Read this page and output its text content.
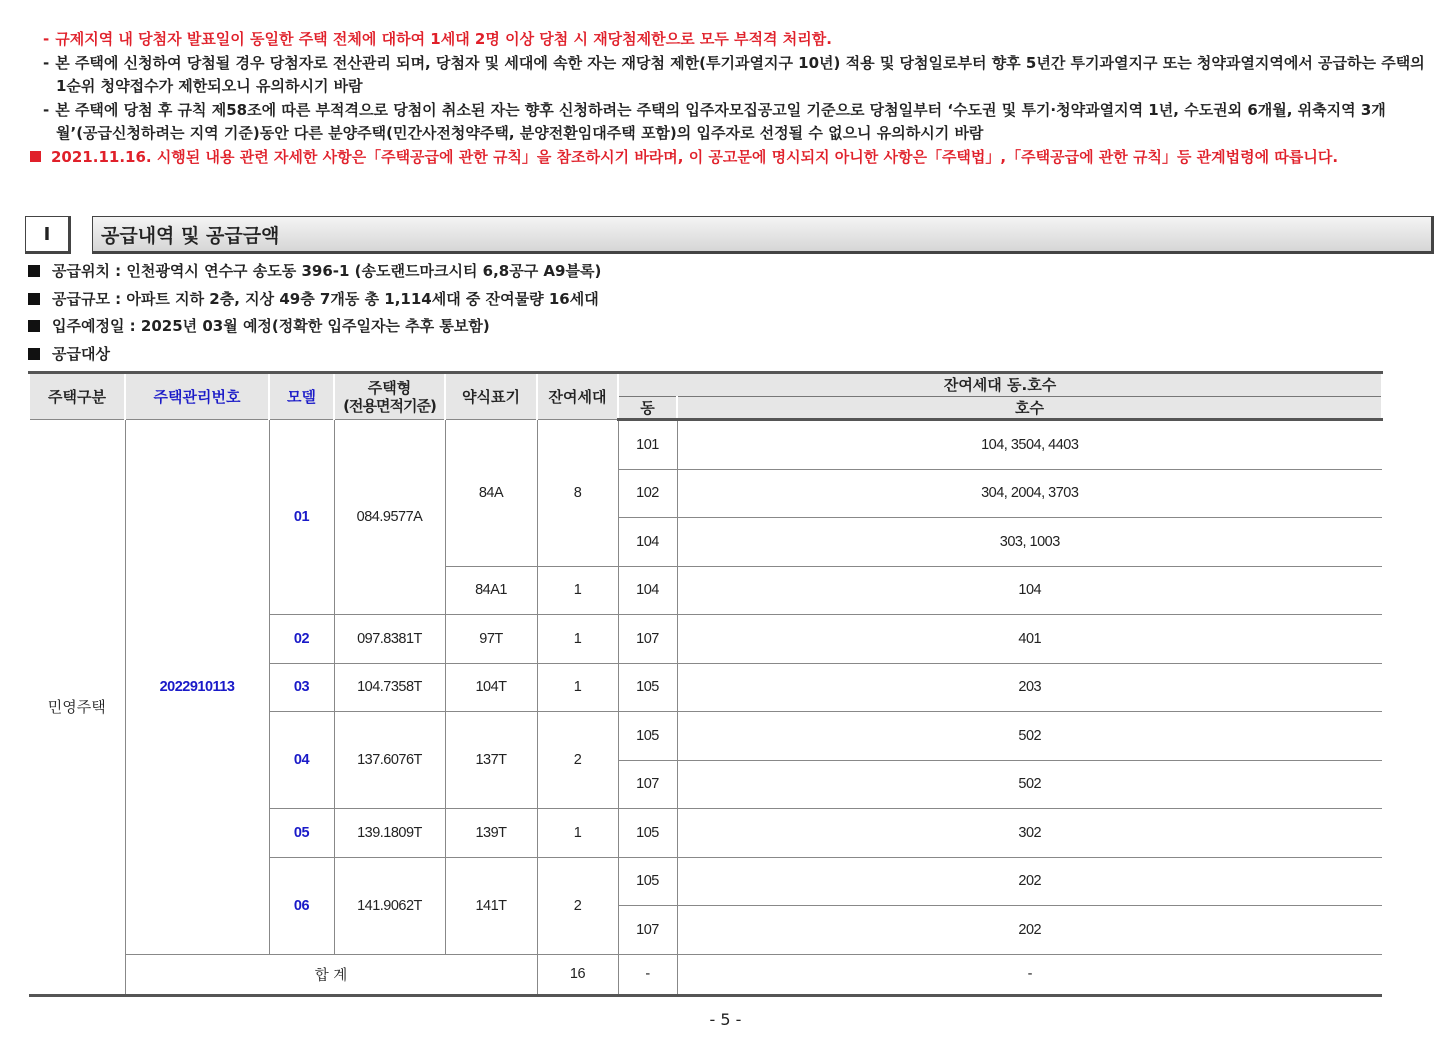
- 규제지역 내 당첨자 발표일이 동일한 주택 전체에 대하여 1세대 2명 이상 당첨 시 재당첨제한으로 모두 부적격 처리함.
- 본 주택에 신청하여 당첨될 경우 당첨자로 전산관리 되며, 당첨자 및 세대에 속한 자는 재당첨 제한(투기과열지구 10년) 적용 및 당첨일로부터 향후 5년간 투기과열지구 또는 청약과열지역에서 공급하는 주택의 1순위 청약접수가 제한되오니 유의하시기 바람
- 본 주택에 당첨 후 규칙 제58조에 따른 부적격으로 당첨이 취소된 자는 향후 신청하려는 주택의 입주자모집공고일 기준으로 당첨일부터 ‘수도권 및 투기·청약과열지역 1년, 수도권외 6개월, 위축지역 3개월’(공급신청하려는 지역 기준)동안 다른 분양주택(민간사전청약주택, 분양전환임대주택 포함)의 입주자로 선정될 수 없으니 유의하시기 바람
2021.11.16. 시행된 내용 관련 자세한 사항은「주택공급에 관한 규칙」을 참조하시기 바라며, 이 공고문에 명시되지 아니한 사항은「주택법」,「주택공급에 관한 규칙」등 관계법령에 따릅니다.
I	공급내역 및 공급금액
공급위치 : 인천광역시 연수구 송도동 396-1 (송도랜드마크시티 6,8공구 A9블록)
공급규모 : 아파트 지하 2층, 지상 49층 7개동 총 1,114세대 중 잔여물량 16세대
입주예정일 : 2025년 03월 예정(정확한 입주일자는 추후 통보함)
공급대상
주택구분	주택관리번호	모델	주택형
(전용면적기준)	약식표기	잔여세대	잔여세대 동.호수	
						동	호수
민영주택	2022910113	01	084.9577A	84A	8	101	104, 3504, 4403
						102	304, 2004, 3703
						104	303, 1003
				84A1	1	104	104
		02	097.8381T	97T	1	107	401
		03	104.7358T	104T	1	105	203
		04	137.6076T	137T	2	105	502
						107	502
		05	139.1809T	139T	1	105	302
		06	141.9062T	141T	2	105	202
						107	202
	합 계				16	-	-
- 5 -
